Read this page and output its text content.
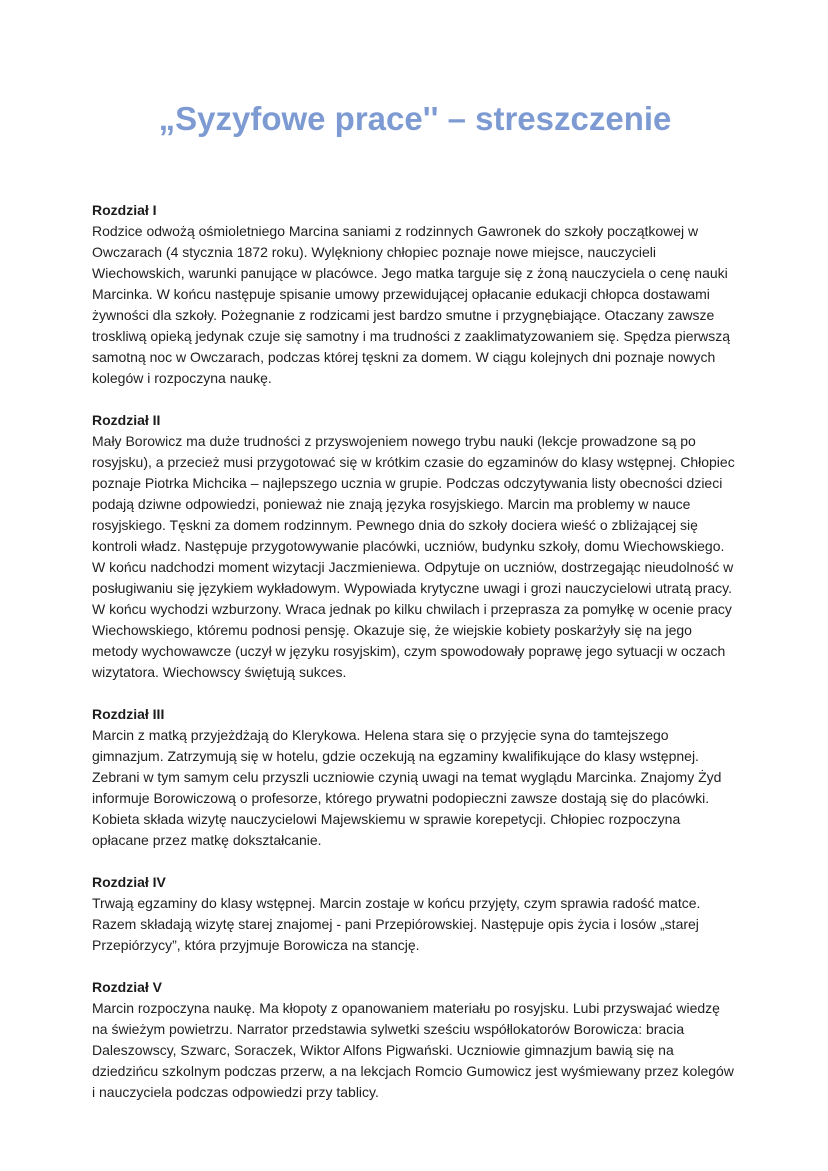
„Syzyfowe prace'' – streszczenie
Rozdział I

Rodzice odwożą ośmioletniego Marcina saniami z rodzinnych Gawronek do szkoły początkowej w Owczarach (4 stycznia 1872 roku). Wylękniony chłopiec poznaje nowe miejsce, nauczycieli Wiechowskich, warunki panujące w placówce. Jego matka targuje się z żoną nauczyciela o cenę nauki Marcinka. W końcu następuje spisanie umowy przewidującej opłacanie edukacji chłopca dostawami żywności dla szkoły. Pożegnanie z rodzicami jest bardzo smutne i przygnębiające. Otaczany zawsze troskliwą opieką jedynak czuje się samotny i ma trudności z zaaklimatyzowaniem się. Spędza pierwszą samotną noc w Owczarach, podczas której tęskni za domem. W ciągu kolejnych dni poznaje nowych kolegów i rozpoczyna naukę.

Rozdział II

Mały Borowicz ma duże trudności z przyswojeniem nowego trybu nauki (lekcje prowadzone są po rosyjsku), a przecież musi przygotować się w krótkim czasie do egzaminów do klasy wstępnej. Chłopiec poznaje Piotrka Michcika – najlepszego ucznia w grupie. Podczas odczytywania listy obecności dzieci podają dziwne odpowiedzi, ponieważ nie znają języka rosyjskiego. Marcin ma problemy w nauce rosyjskiego. Tęskni za domem rodzinnym. Pewnego dnia do szkoły dociera wieść o zbliżającej się kontroli władz. Następuje przygotowywanie placówki, uczniów, budynku szkoły, domu Wiechowskiego. W końcu nadchodzi moment wizytacji Jaczmieniewa. Odpytuje on uczniów, dostrzegając nieudolność w posługiwaniu się językiem wykładowym. Wypowiada krytyczne uwagi i grozi nauczycielowi utratą pracy. W końcu wychodzi wzburzony. Wraca jednak po kilku chwilach i przeprasza za pomyłkę w ocenie pracy Wiechowskiego, któremu podnosi pensję. Okazuje się, że wiejskie kobiety poskarżyły się na jego metody wychowawcze (uczył w języku rosyjskim), czym spowodowały poprawę jego sytuacji w oczach wizytatora. Wiechowscy świętują sukces.

Rozdział III

Marcin z matką przyjeżdżają do Klerykowa. Helena stara się o przyjęcie syna do tamtejszego gimnazjum. Zatrzymują się w hotelu, gdzie oczekują na egzaminy kwalifikujące do klasy wstępnej. Zebrani w tym samym celu przyszli uczniowie czynią uwagi na temat wyglądu Marcinka. Znajomy Żyd informuje Borowiczową o profesorze, którego prywatni podopieczni zawsze dostają się do placówki. Kobieta składa wizytę nauczycielowi Majewskiemu w sprawie korepetycji. Chłopiec rozpoczyna opłacane przez matkę dokształcanie.

Rozdział IV

Trwają egzaminy do klasy wstępnej. Marcin zostaje w końcu przyjęty, czym sprawia radość matce. Razem składają wizytę starej znajomej - pani Przepiórowskiej. Następuje opis życia i losów „starej Przepiórzycy”, która przyjmuje Borowicza na stancję.

Rozdział V

Marcin rozpoczyna naukę. Ma kłopoty z opanowaniem materiału po rosyjsku. Lubi przyswajać wiedzę na świeżym powietrzu. Narrator przedstawia sylwetki sześciu współlokatorów Borowicza: bracia Daleszowscy, Szwarc, Soraczek, Wiktor Alfons Pigwański. Uczniowie gimnazjum bawią się na dziedzińcu szkolnym podczas przerw, a na lekcjach Romcio Gumowicz jest wyśmiewany przez kolegów i nauczyciela podczas odpowiedzi przy tablicy.
